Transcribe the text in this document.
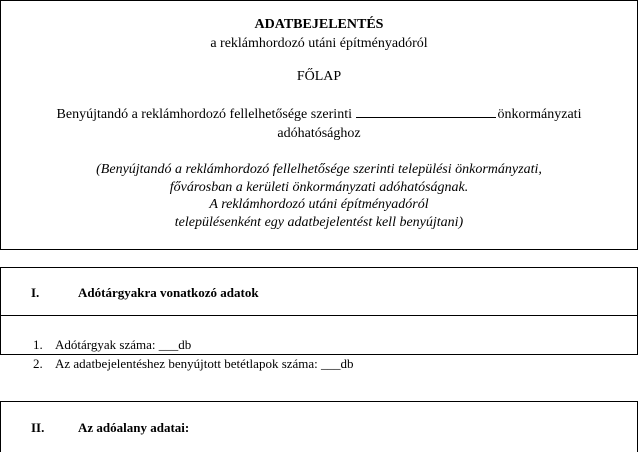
ADATBEJELENTÉS
a reklámhordozó utáni építményadóról
FŐLAP
Benyújtandó a reklámhordozó fellelhetősége szerinti	önkormányzati
adóhatósághoz
(Benyújtandó a reklámhordozó fellelhetősége szerinti települési önkormányzati,
fővárosban a kerületi önkormányzati adóhatóságnak.
A reklámhordozó utáni építményadóról
településenként egy adatbejelentést kell benyújtani)
I.	Adótárgyakra vonatkozó adatok
1. Adótárgyak száma: ___db
2. Az adatbejelentéshez benyújtott betétlapok száma: ___db
II.	Az adóalany adatai:
